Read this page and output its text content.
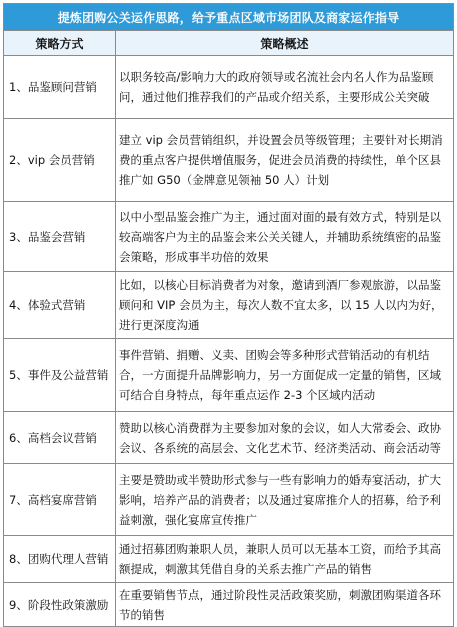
提炼团购公关运作思路，给予重点区域市场团队及商家运作指导	
策略方式	策略概述
1、品鉴顾问营销	以职务较高/影响力大的政府领导或名流社会内名人作为品鉴顾问，通过他们推荐我们的产品或介绍关系，主要形成公关突破
2、vip 会员营销	建立 vip 会员营销组织，并设置会员等级管理；主要针对长期消费的重点客户提供增值服务，促进会员消费的持续性，单个区县推广如 G50（金牌意见领袖 50 人）计划
3、品鉴会营销	以中小型品鉴会推广为主，通过面对面的最有效方式，特别是以较高端客户为主的品鉴会来公关关键人，并辅助系统缜密的品鉴会策略，形成事半功倍的效果
4、体验式营销	比如，以核心目标消费者为对象，邀请到酒厂参观旅游，以品鉴顾问和 VIP 会员为主，每次人数不宜太多，以 15 人以内为好，进行更深度沟通
5、事件及公益营销	事件营销、捐赠、义卖、团购会等多种形式营销活动的有机结合，一方面提升品牌影响力，另一方面促成一定量的销售，区域可结合自身特点，每年重点运作 2-3 个区域内活动
6、高档会议营销	赞助以核心消费群为主要参加对象的会议，如人大常委会、政协会议、各系统的高层会、文化艺术节、经济类活动、商会活动等
7、高档宴席营销	主要是赞助或半赞助形式参与一些有影响力的婚寿宴活动，扩大影响，培养产品的消费者；以及通过宴席推介人的招募，给予利益刺激，强化宴席宣传推广
8、团购代理人营销	通过招募团购兼职人员，兼职人员可以无基本工资，而给予其高额提成，刺激其凭借自身的关系去推广产品的销售
9、阶段性政策激励	在重要销售节点，通过阶段性灵活政策奖励，刺激团购渠道各环节的销售
